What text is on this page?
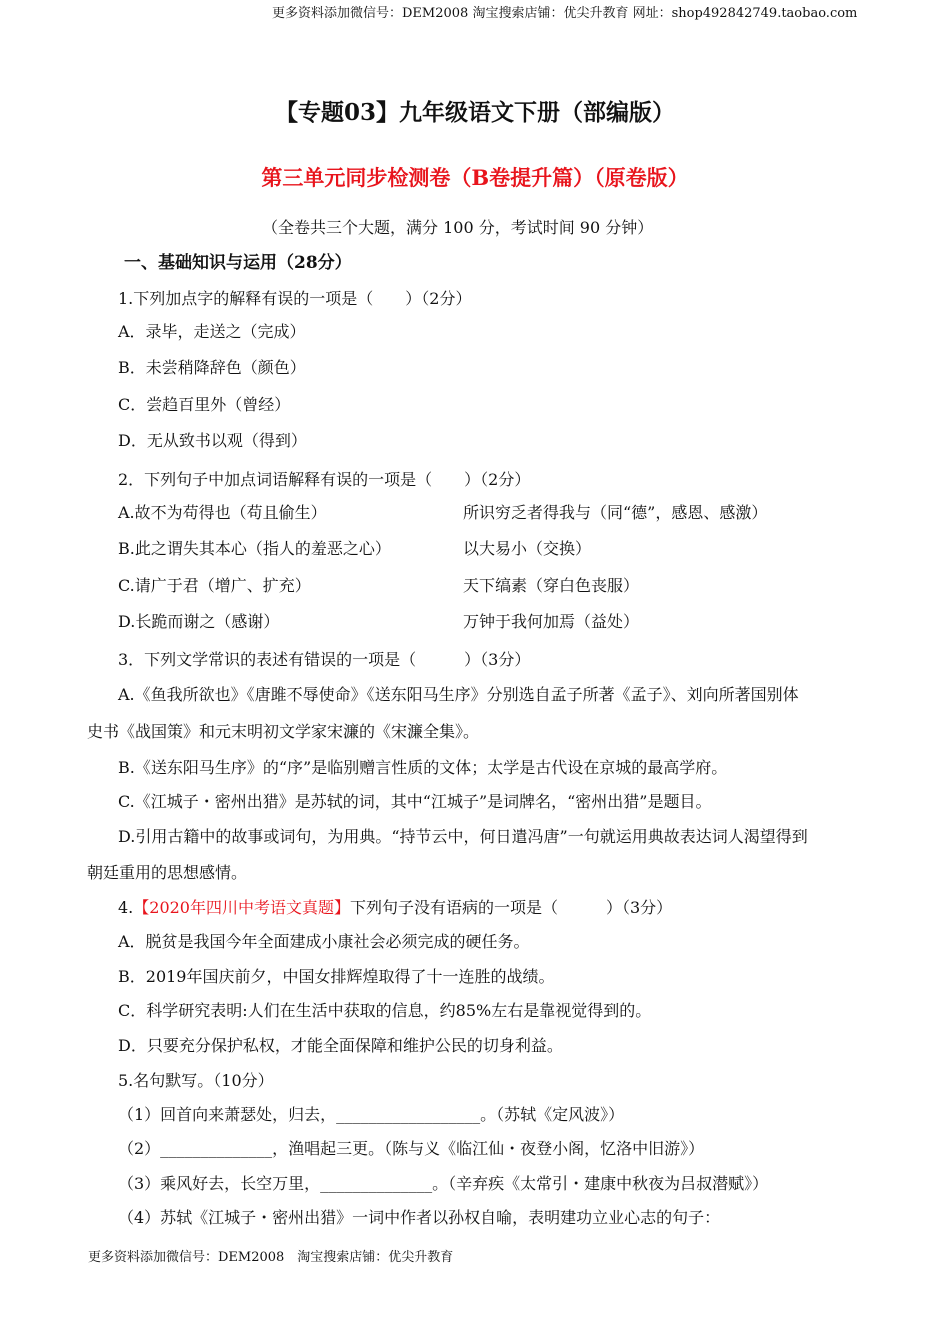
更多资料添加微信号：DEM2008 淘宝搜索店铺：优尖升教育 网址：shop492842749.taobao.com
【专题03】九年级语文下册（部编版）
第三单元同步检测卷（B卷提升篇）（原卷版）
（全卷共三个大题，满分 100 分，考试时间 90 分钟）
一、基础知识与运用（28分）
1.下列加点字的解释有误的一项是（　　）（2分）
A．录毕，走送之（完成）
B．未尝稍降辞色（颜色）
C．尝趋百里外（曾经）
D．无从致书以观（得到）
2．下列句子中加点词语解释有误的一项是（　　）（2分）
A.故不为苟得也（苟且偷生）	所识穷乏者得我与（同“德”，感恩、感激）
B.此之谓失其本心（指人的羞恶之心）	以大易小（交换）
C.请广于君（增广、扩充）	天下缟素（穿白色丧服）
D.长跪而谢之（感谢）	万钟于我何加焉（益处）
3．下列文学常识的表述有错误的一项是（　　　）（3分）
A.《鱼我所欲也》《唐雎不辱使命》《送东阳马生序》分别选自孟子所著《孟子》、刘向所著国别体
史书《战国策》和元末明初文学家宋濂的《宋濂全集》。
B.《送东阳马生序》的“序”是临别赠言性质的文体；太学是古代设在京城的最高学府。
C.《江城子・密州出猎》是苏轼的词，其中“江城子”是词牌名，“密州出猎”是题目。
D.引用古籍中的故事或词句，为用典。“持节云中，何日遣冯唐”一句就运用典故表达词人渴望得到
朝廷重用的思想感情。
4.【2020年四川中考语文真题】下列句子没有语病的一项是（　　　）（3分）
A．脱贫是我国今年全面建成小康社会必须完成的硬任务。
B．2019年国庆前夕，中国女排辉煌取得了十一连胜的战绩。
C．科学研究表明:人们在生活中获取的信息，约85%左右是靠视觉得到的。
D．只要充分保护私权，才能全面保障和维护公民的切身利益。
5.名句默写。（10分）
（1）回首向来萧瑟处，归去，__________________。（苏轼《定风波》）
（2）______________，渔唱起三更。（陈与义《临江仙・夜登小阁，忆洛中旧游》）
（3）乘风好去，长空万里，______________。（辛弃疾《太常引・建康中秋夜为吕叔潜赋》）
（4）苏轼《江城子・密州出猎》一词中作者以孙权自喻，表明建功立业心志的句子：
更多资料添加微信号：DEM2008　淘宝搜索店铺：优尖升教育
